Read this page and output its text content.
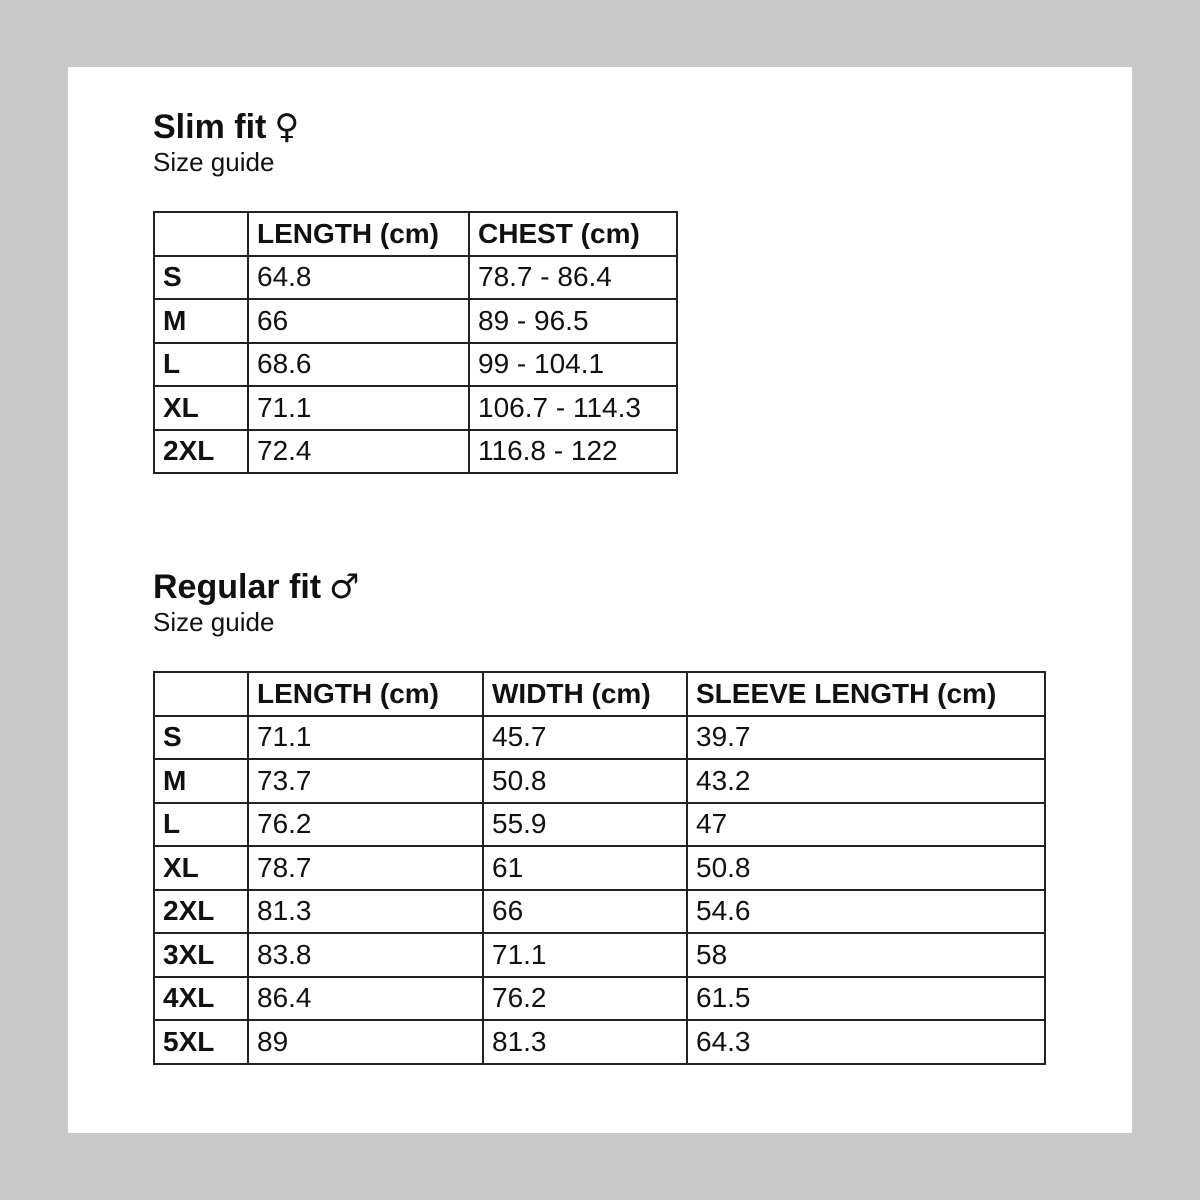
Slim fit ♀

Size guide

	LENGTH (cm)	CHEST (cm)
S	64.8	78.7 - 86.4
M	66	89 - 96.5
L	68.6	99 - 104.1
XL	71.1	106.7 - 114.3
2XL	72.4	116.8 - 122

Regular fit ♂

Size guide

	LENGTH (cm)	WIDTH (cm)	SLEEVE LENGTH (cm)
S	71.1	45.7	39.7
M	73.7	50.8	43.2
L	76.2	55.9	47
XL	78.7	61	50.8
2XL	81.3	66	54.6
3XL	83.8	71.1	58
4XL	86.4	76.2	61.5
5XL	89	81.3	64.3
